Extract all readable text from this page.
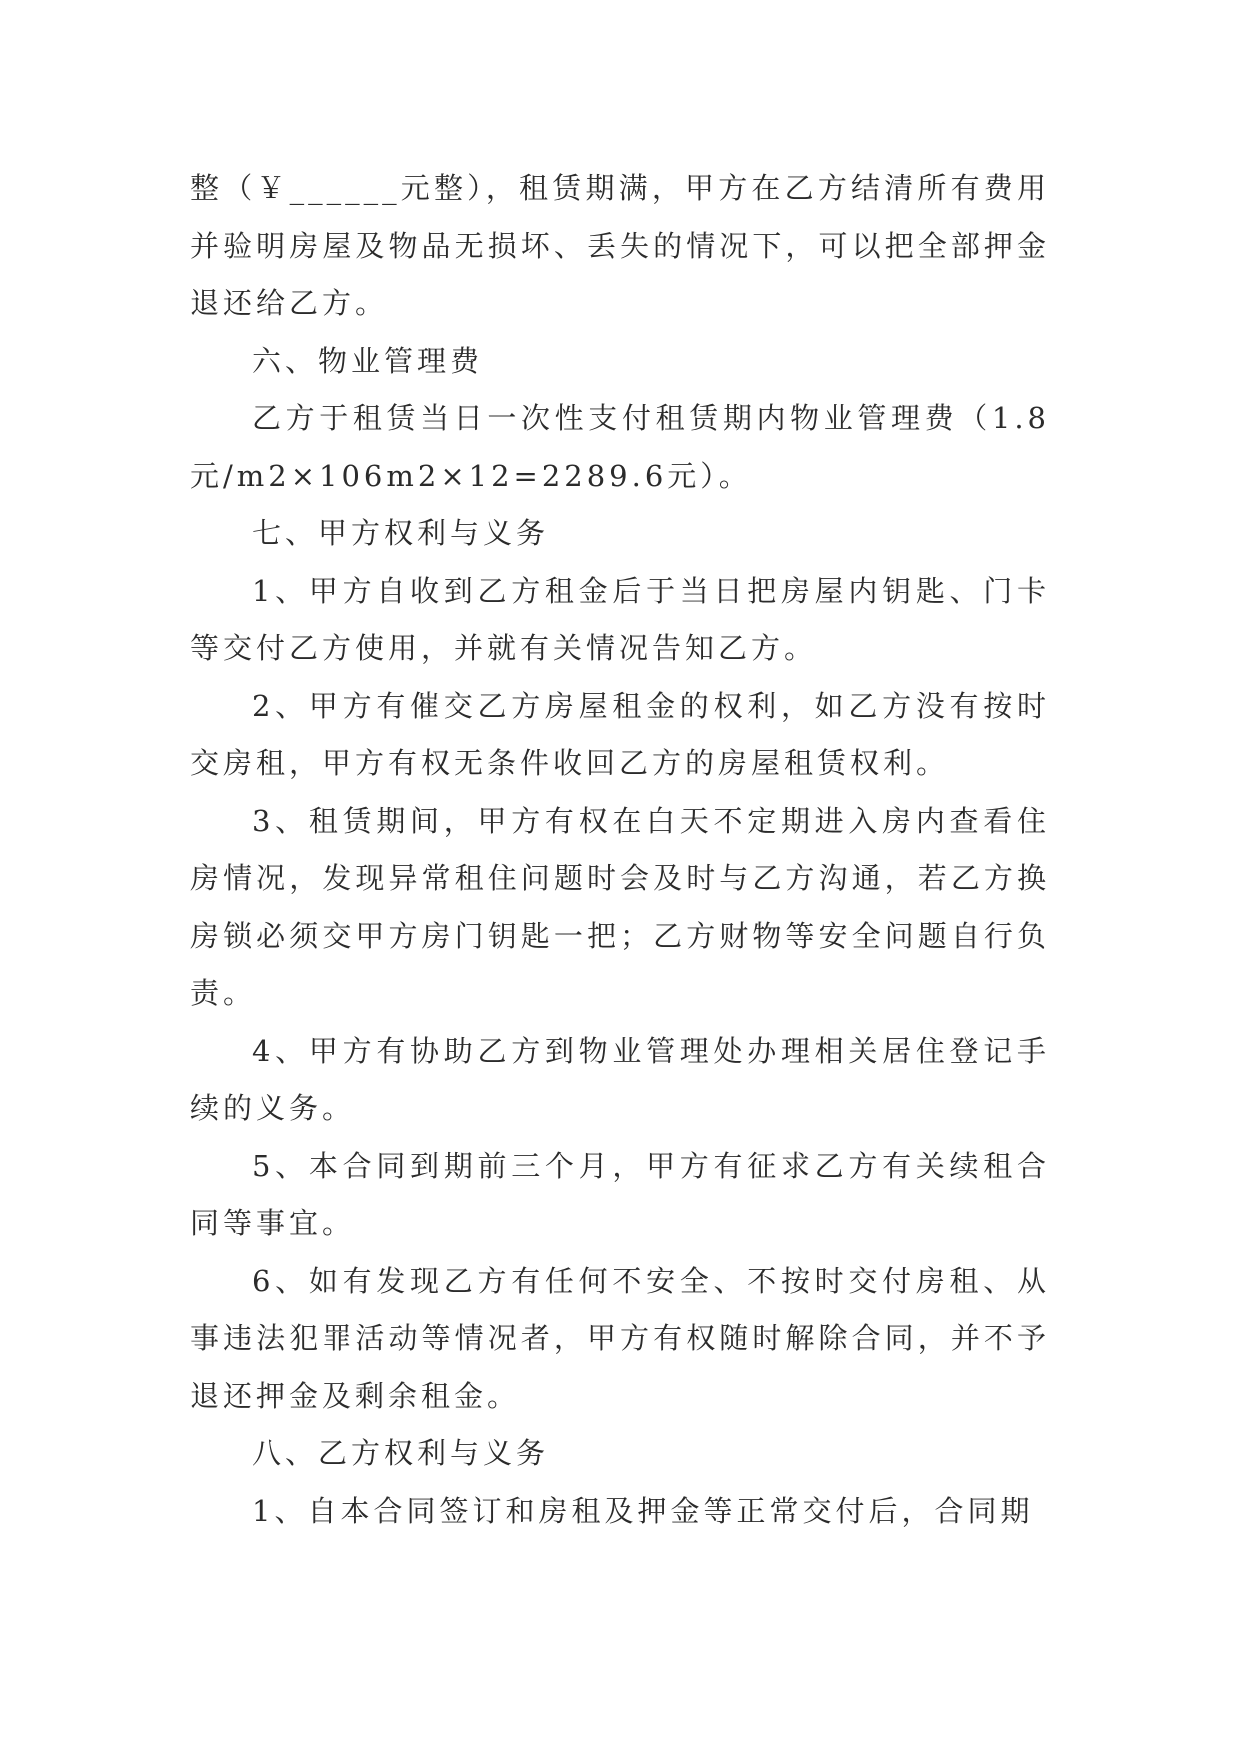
整（￥______元整），租赁期满，甲方在乙方结清所有费用并验明房屋及物品无损坏、丢失的情况下，可以把全部押金退还给乙方。

六、物业管理费

乙方于租赁当日一次性支付租赁期内物业管理费（1.8元/m2×106m2×12=2289.6元）。

七、甲方权利与义务

1、甲方自收到乙方租金后于当日把房屋内钥匙、门卡等交付乙方使用，并就有关情况告知乙方。

2、甲方有催交乙方房屋租金的权利，如乙方没有按时交房租，甲方有权无条件收回乙方的房屋租赁权利。

3、租赁期间，甲方有权在白天不定期进入房内查看住房情况，发现异常租住问题时会及时与乙方沟通，若乙方换房锁必须交甲方房门钥匙一把；乙方财物等安全问题自行负责。

4、甲方有协助乙方到物业管理处办理相关居住登记手续的义务。

5、本合同到期前三个月，甲方有征求乙方有关续租合同等事宜。

6、如有发现乙方有任何不安全、不按时交付房租、从事违法犯罪活动等情况者，甲方有权随时解除合同，并不予退还押金及剩余租金。

八、乙方权利与义务

1、自本合同签订和房租及押金等正常交付后，合同期
